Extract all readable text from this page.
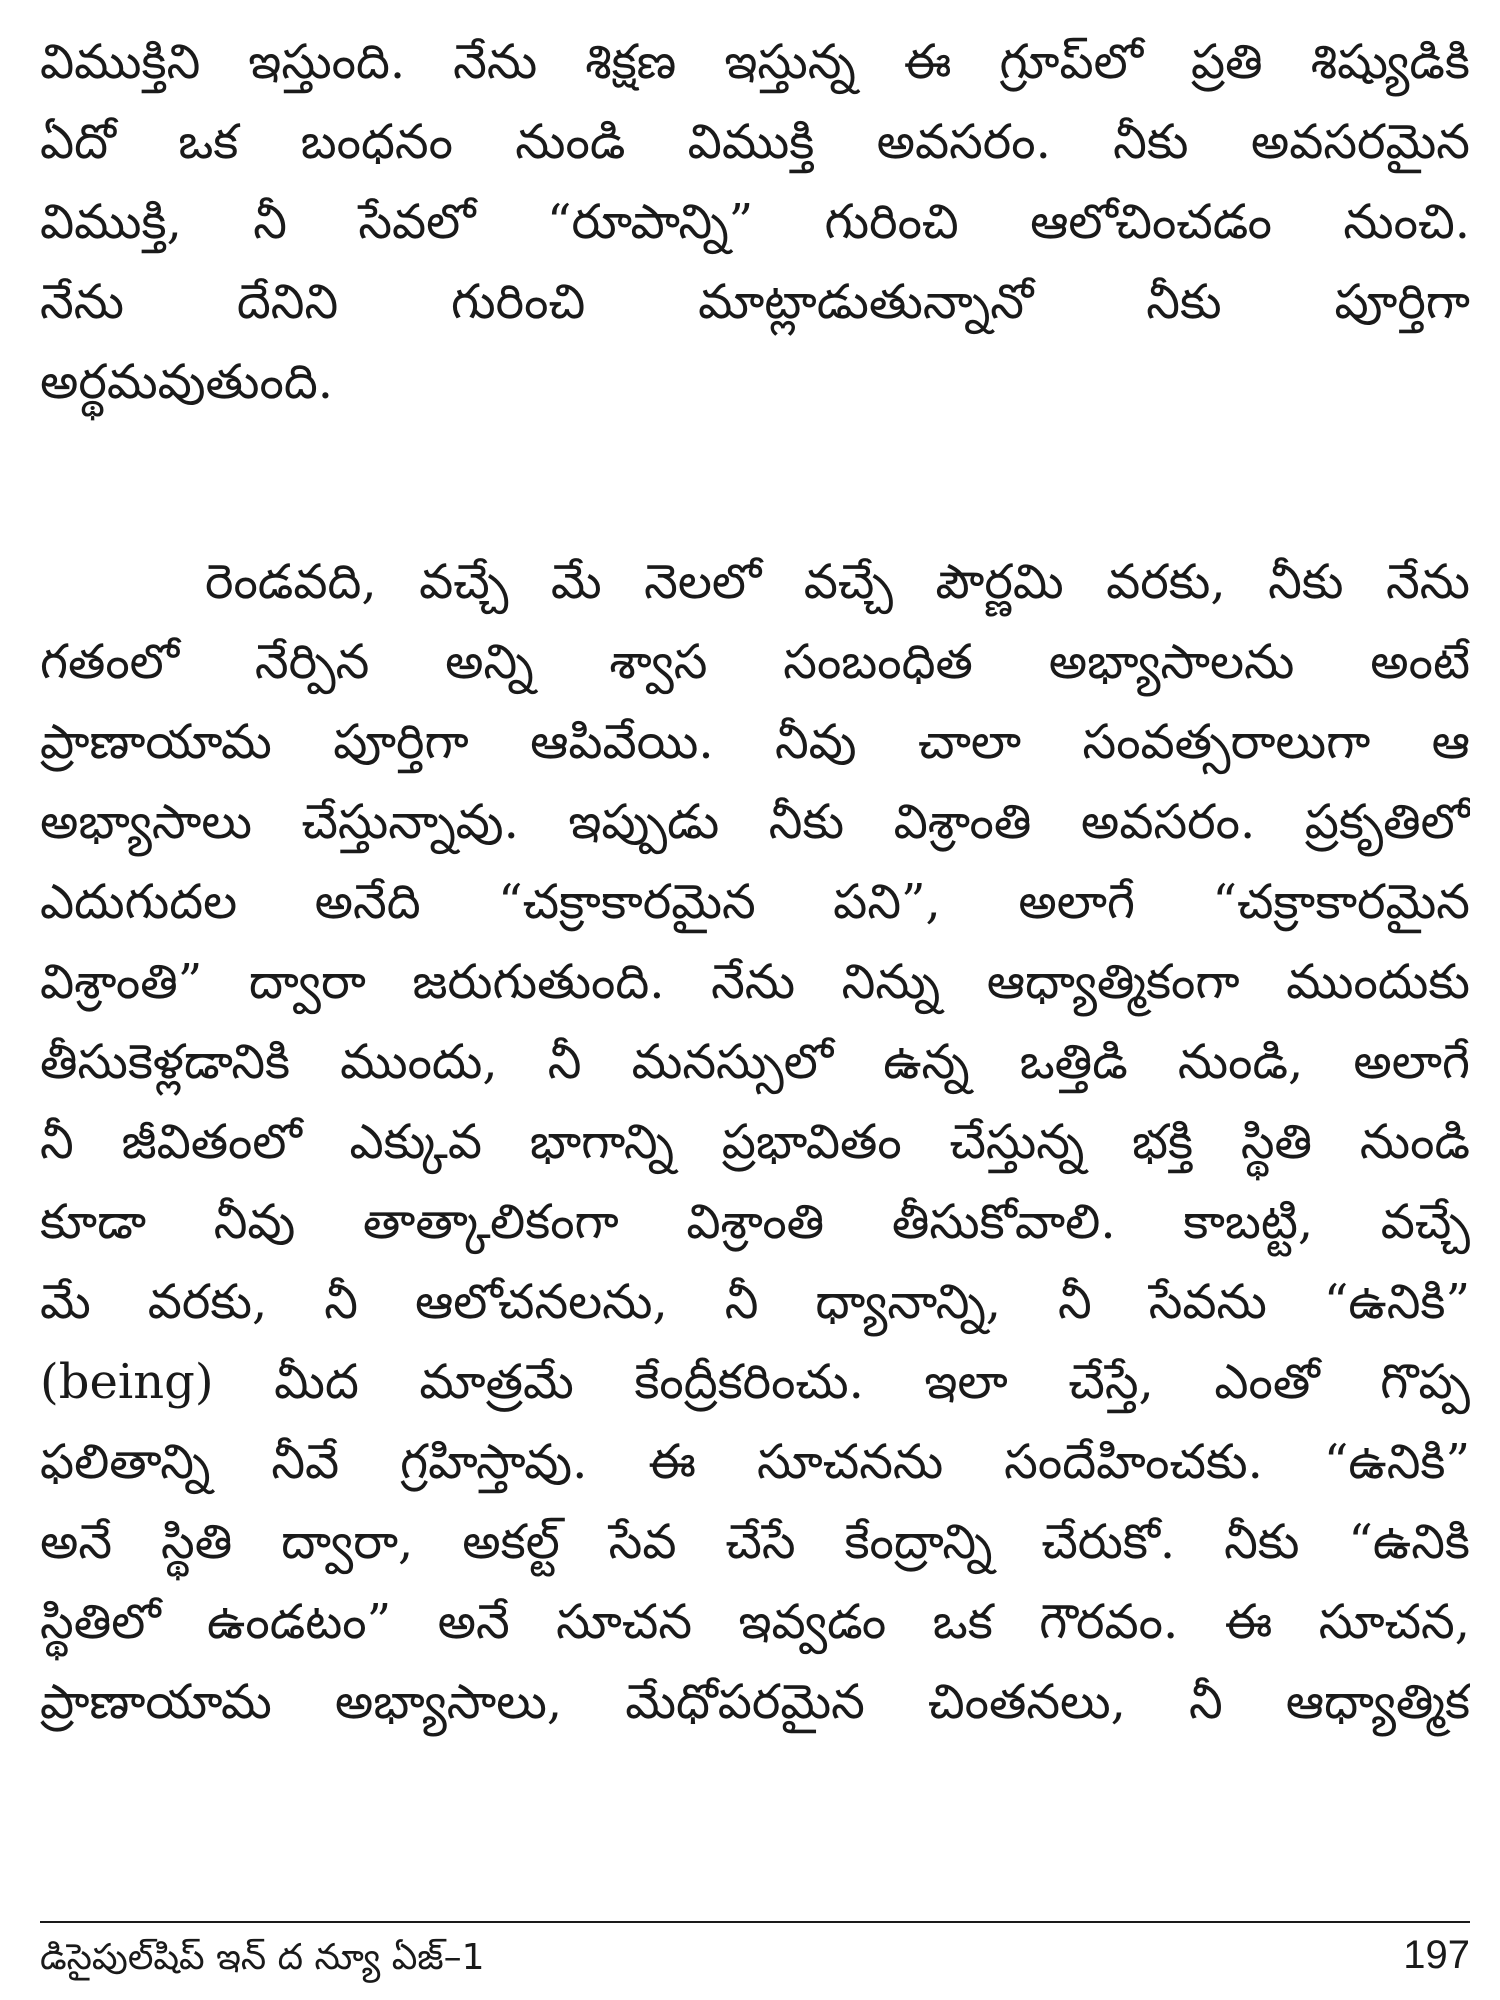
విముక్తిని ఇస్తుంది. నేను శిక్షణ ఇస్తున్న ఈ గ్రూప్‌లో ప్రతి శిష్యుడికి
ఏదో ఒక బంధనం నుండి విముక్తి అవసరం. నీకు అవసరమైన
విముక్తి, నీ సేవలో “రూపాన్ని” గురించి ఆలోచించడం నుంచి.
నేను దేనిని గురించి మాట్లాడుతున్నానో నీకు పూర్తిగా
అర్థమవుతుంది.
రెండవది, వచ్చే మే నెలలో వచ్చే పౌర్ణమి వరకు, నీకు నేను
గతంలో నేర్పిన అన్ని శ్వాస సంబంధిత అభ్యాసాలను అంటే
ప్రాణాయామ పూర్తిగా ఆపివేయి. నీవు చాలా సంవత్సరాలుగా ఆ
అభ్యాసాలు చేస్తున్నావు. ఇప్పుడు నీకు విశ్రాంతి అవసరం. ప్రకృతిలో
ఎదుగుదల అనేది “చక్రాకారమైన పని”, అలాగే “చక్రాకారమైన
విశ్రాంతి” ద్వారా జరుగుతుంది. నేను నిన్ను ఆధ్యాత్మికంగా ముందుకు
తీసుకెళ్లడానికి ముందు, నీ మనస్సులో ఉన్న ఒత్తిడి నుండి, అలాగే
నీ జీవితంలో ఎక్కువ భాగాన్ని ప్రభావితం చేస్తున్న భక్తి స్థితి నుండి
కూడా నీవు తాత్కాలికంగా విశ్రాంతి తీసుకోవాలి. కాబట్టి, వచ్చే
మే వరకు, నీ ఆలోచనలను, నీ ధ్యానాన్ని, నీ సేవను “ఉనికి”
(being) మీద మాత్రమే కేంద్రీకరించు. ఇలా చేస్తే, ఎంతో గొప్ప
ఫలితాన్ని నీవే గ్రహిస్తావు. ఈ సూచనను సందేహించకు. “ఉనికి”
అనే స్థితి ద్వారా, అకల్ట్ సేవ చేసే కేంద్రాన్ని చేరుకో. నీకు “ఉనికి
స్థితిలో ఉండటం” అనే సూచన ఇవ్వడం ఒక గౌరవం. ఈ సూచన,
ప్రాణాయామ అభ్యాసాలు, మేధోపరమైన చింతనలు, నీ ఆధ్యాత్మిక
డిసైపుల్‌షిప్ ఇన్ ద న్యూ ఏజ్–1	197
